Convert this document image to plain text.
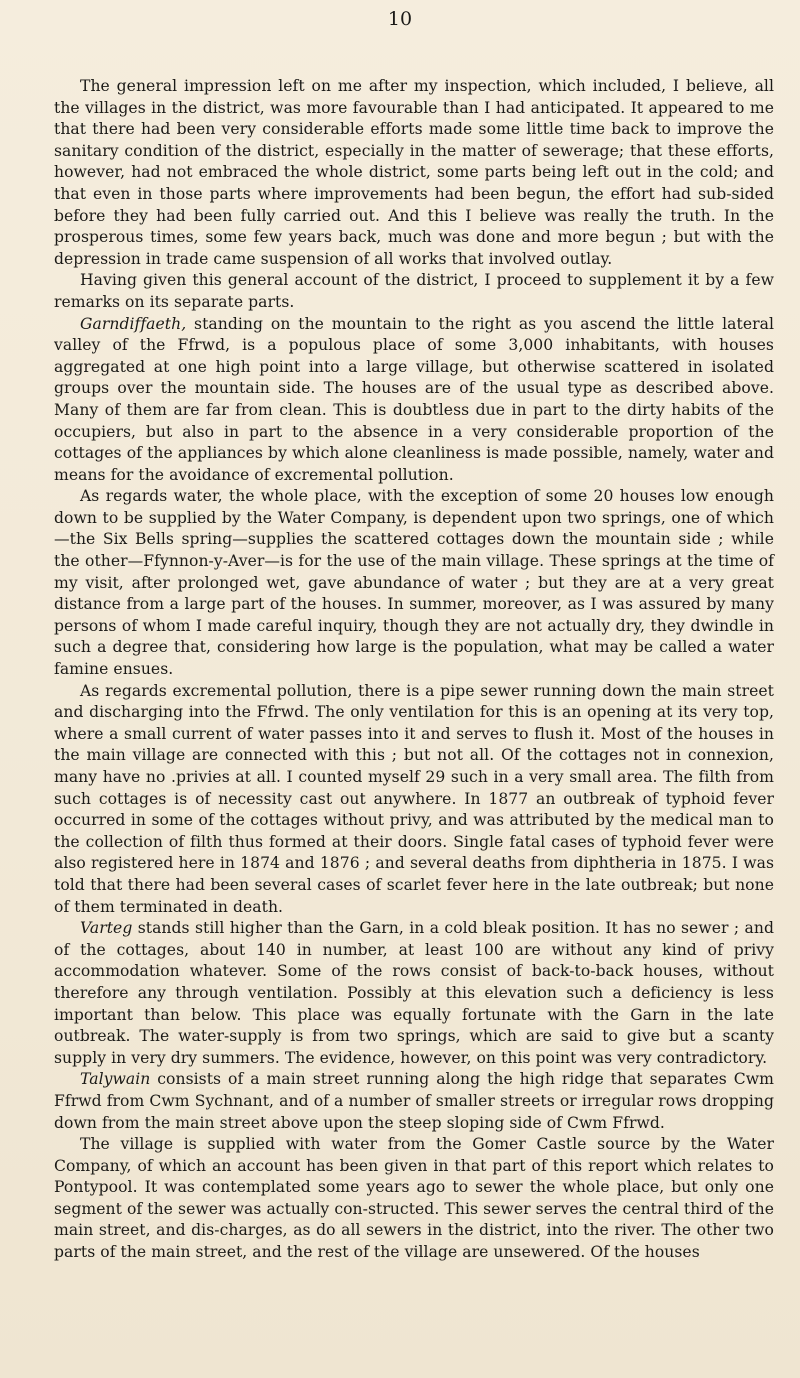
10

The general impression left on me after my inspection, which included, I believe, all the villages in the district, was more favourable than I had anticipated. It appeared to me that there had been very considerable efforts made some little time back to improve the sanitary condition of the district, especially in the matter of sewerage; that these efforts, however, had not embraced the whole district, some parts being left out in the cold; and that even in those parts where improvements had been begun, the effort had sub-sided before they had been fully carried out. And this I believe was really the truth. In the prosperous times, some few years back, much was done and more begun ; but with the depression in trade came suspension of all works that involved outlay.

Having given this general account of the district, I proceed to supplement it by a few remarks on its separate parts.

Garndiffaeth, standing on the mountain to the right as you ascend the little lateral valley of the Ffrwd, is a populous place of some 3,000 inhabitants, with houses aggregated at one high point into a large village, but otherwise scattered in isolated groups over the mountain side. The houses are of the usual type as described above. Many of them are far from clean. This is doubtless due in part to the dirty habits of the occupiers, but also in part to the absence in a very considerable proportion of the cottages of the appliances by which alone cleanliness is made possible, namely, water and means for the avoidance of excremental pollution.

As regards water, the whole place, with the exception of some 20 houses low enough down to be supplied by the Water Company, is dependent upon two springs, one of which—the Six Bells spring—supplies the scattered cottages down the mountain side ; while the other—Ffynnon-y-Aver—is for the use of the main village. These springs at the time of my visit, after prolonged wet, gave abundance of water ; but they are at a very great distance from a large part of the houses. In summer, moreover, as I was assured by many persons of whom I made careful inquiry, though they are not actually dry, they dwindle in such a degree that, considering how large is the population, what may be called a water famine ensues.

As regards excremental pollution, there is a pipe sewer running down the main street and discharging into the Ffrwd. The only ventilation for this is an opening at its very top, where a small current of water passes into it and serves to flush it. Most of the houses in the main village are connected with this ; but not all. Of the cottages not in connexion, many have no .privies at all. I counted myself 29 such in a very small area. The filth from such cottages is of necessity cast out anywhere. In 1877 an outbreak of typhoid fever occurred in some of the cottages without privy, and was attributed by the medical man to the collection of filth thus formed at their doors. Single fatal cases of typhoid fever were also registered here in 1874 and 1876 ; and several deaths from diphtheria in 1875. I was told that there had been several cases of scarlet fever here in the late outbreak; but none of them terminated in death.

Varteg stands still higher than the Garn, in a cold bleak position. It has no sewer ; and of the cottages, about 140 in number, at least 100 are without any kind of privy accommodation whatever. Some of the rows consist of back-to-back houses, without therefore any through ventilation. Possibly at this elevation such a deficiency is less important than below. This place was equally fortunate with the Garn in the late outbreak. The water-supply is from two springs, which are said to give but a scanty supply in very dry summers. The evidence, however, on this point was very contradictory.

Talywain consists of a main street running along the high ridge that separates Cwm Ffrwd from Cwm Sychnant, and of a number of smaller streets or irregular rows dropping down from the main street above upon the steep sloping side of Cwm Ffrwd.

The village is supplied with water from the Gomer Castle source by the Water Company, of which an account has been given in that part of this report which relates to Pontypool. It was contemplated some years ago to sewer the whole place, but only one segment of the sewer was actually con-structed. This sewer serves the central third of the main street, and dis-charges, as do all sewers in the district, into the river. The other two parts of the main street, and the rest of the village are unsewered. Of the houses
